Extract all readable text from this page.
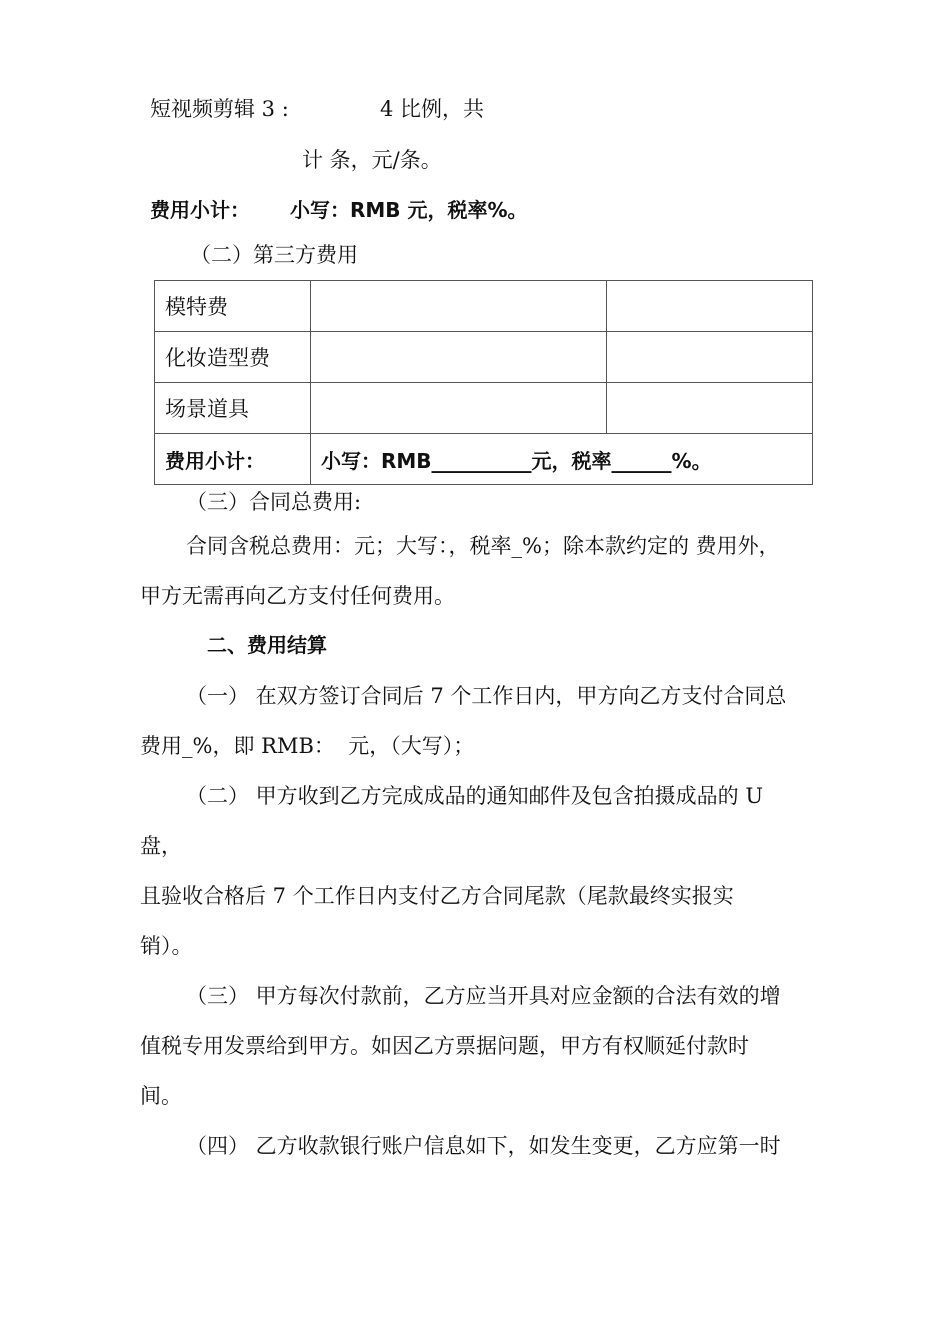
短视频剪辑 3 :	4 比例，共
计 条，元/条。
费用小计： 小写：RMB 元，税率%。
（二）第三方费用
模特费		
化妆造型费		
场景道具		
费用小计：	小写：RMB__________元，税率______%。	
（三）合同总费用:
合同含税总费用：元；大写：，税率_%；除本款约定的 费用外，
甲方无需再向乙方支付任何费用。
二、费用结算
（一） 在双方签订合同后 7 个工作日内，甲方向乙方支付合同总
费用_%，即 RMB：  元，（大写）；
（二） 甲方收到乙方完成成品的通知邮件及包含拍摄成品的 U
盘，
且验收合格后 7 个工作日内支付乙方合同尾款（尾款最终实报实
销）。
（三） 甲方每次付款前，乙方应当开具对应金额的合法有效的增
值税专用发票给到甲方。如因乙方票据问题，甲方有权顺延付款时
间。
（四） 乙方收款银行账户信息如下，如发生变更，乙方应第一时
